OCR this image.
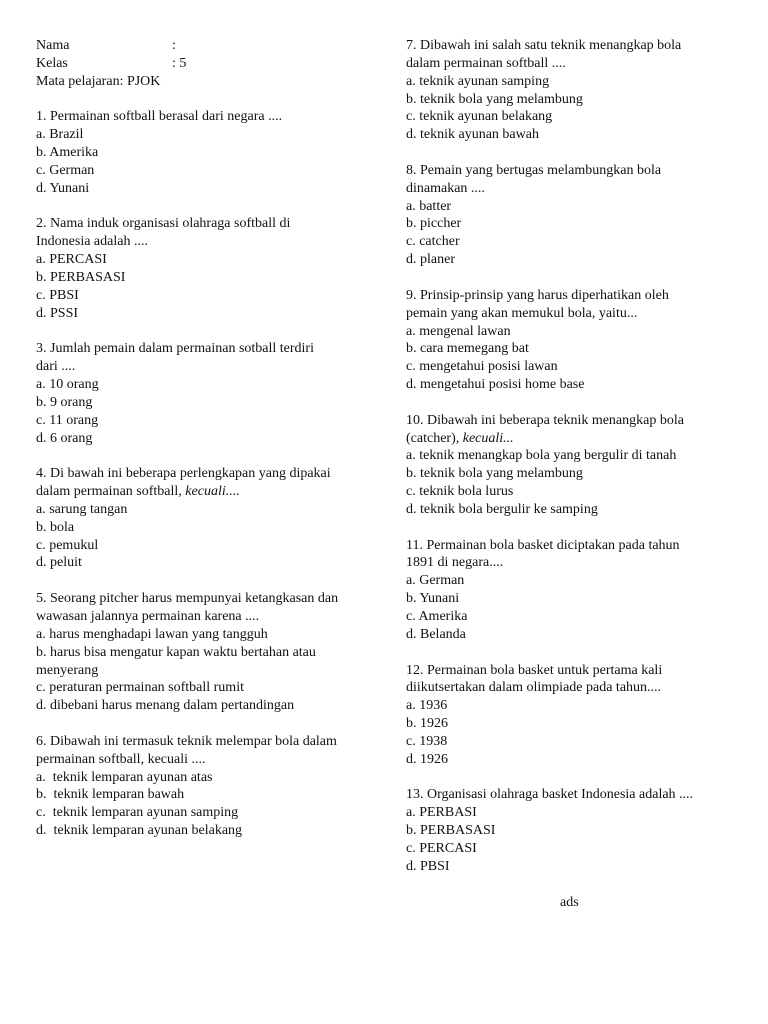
Nama	:
Kelas	: 5
Mata pelajaran: PJOK
1. Permainan softball berasal dari negara ....
a. Brazil
b. Amerika
c. German
d. Yunani
2. Nama induk organisasi olahraga softball di
Indonesia adalah ....
a. PERCASI
b. PERBASASI
c. PBSI
d. PSSI
3. Jumlah pemain dalam permainan sotball terdiri
dari ....
a. 10 orang
b. 9 orang
c. 11 orang
d. 6 orang
4. Di bawah ini beberapa perlengkapan yang dipakai
dalam permainan softball, kecuali....
a. sarung tangan
b. bola
c. pemukul
d. peluit
5. Seorang pitcher harus mempunyai ketangkasan dan
wawasan jalannya permainan karena ....
a. harus menghadapi lawan yang tangguh
b. harus bisa mengatur kapan waktu bertahan atau
menyerang
c. peraturan permainan softball rumit
d. dibebani harus menang dalam pertandingan
6. Dibawah ini termasuk teknik melempar bola dalam
permainan softball, kecuali ....
a.  teknik lemparan ayunan atas
b.  teknik lemparan bawah
c.  teknik lemparan ayunan samping
d.  teknik lemparan ayunan belakang
7. Dibawah ini salah satu teknik menangkap bola
dalam permainan softball ....
a. teknik ayunan samping
b. teknik bola yang melambung
c. teknik ayunan belakang
d. teknik ayunan bawah
8. Pemain yang bertugas melambungkan bola
dinamakan ....
a. batter
b. piccher
c. catcher
d. planer
9. Prinsip-prinsip yang harus diperhatikan oleh
pemain yang akan memukul bola, yaitu...
a. mengenal lawan
b. cara memegang bat
c. mengetahui posisi lawan
d. mengetahui posisi home base
10. Dibawah ini beberapa teknik menangkap bola
(catcher), kecuali...
a. teknik menangkap bola yang bergulir di tanah
b. teknik bola yang melambung
c. teknik bola lurus
d. teknik bola bergulir ke samping
11. Permainan bola basket diciptakan pada tahun
1891 di negara....
a. German
b. Yunani
c. Amerika
d. Belanda
12. Permainan bola basket untuk pertama kali
diikutsertakan dalam olimpiade pada tahun....
a. 1936
b. 1926
c. 1938
d. 1926
13. Organisasi olahraga basket Indonesia adalah ....
a. PERBASI
b. PERBASASI
c. PERCASI
d. PBSI
ads
